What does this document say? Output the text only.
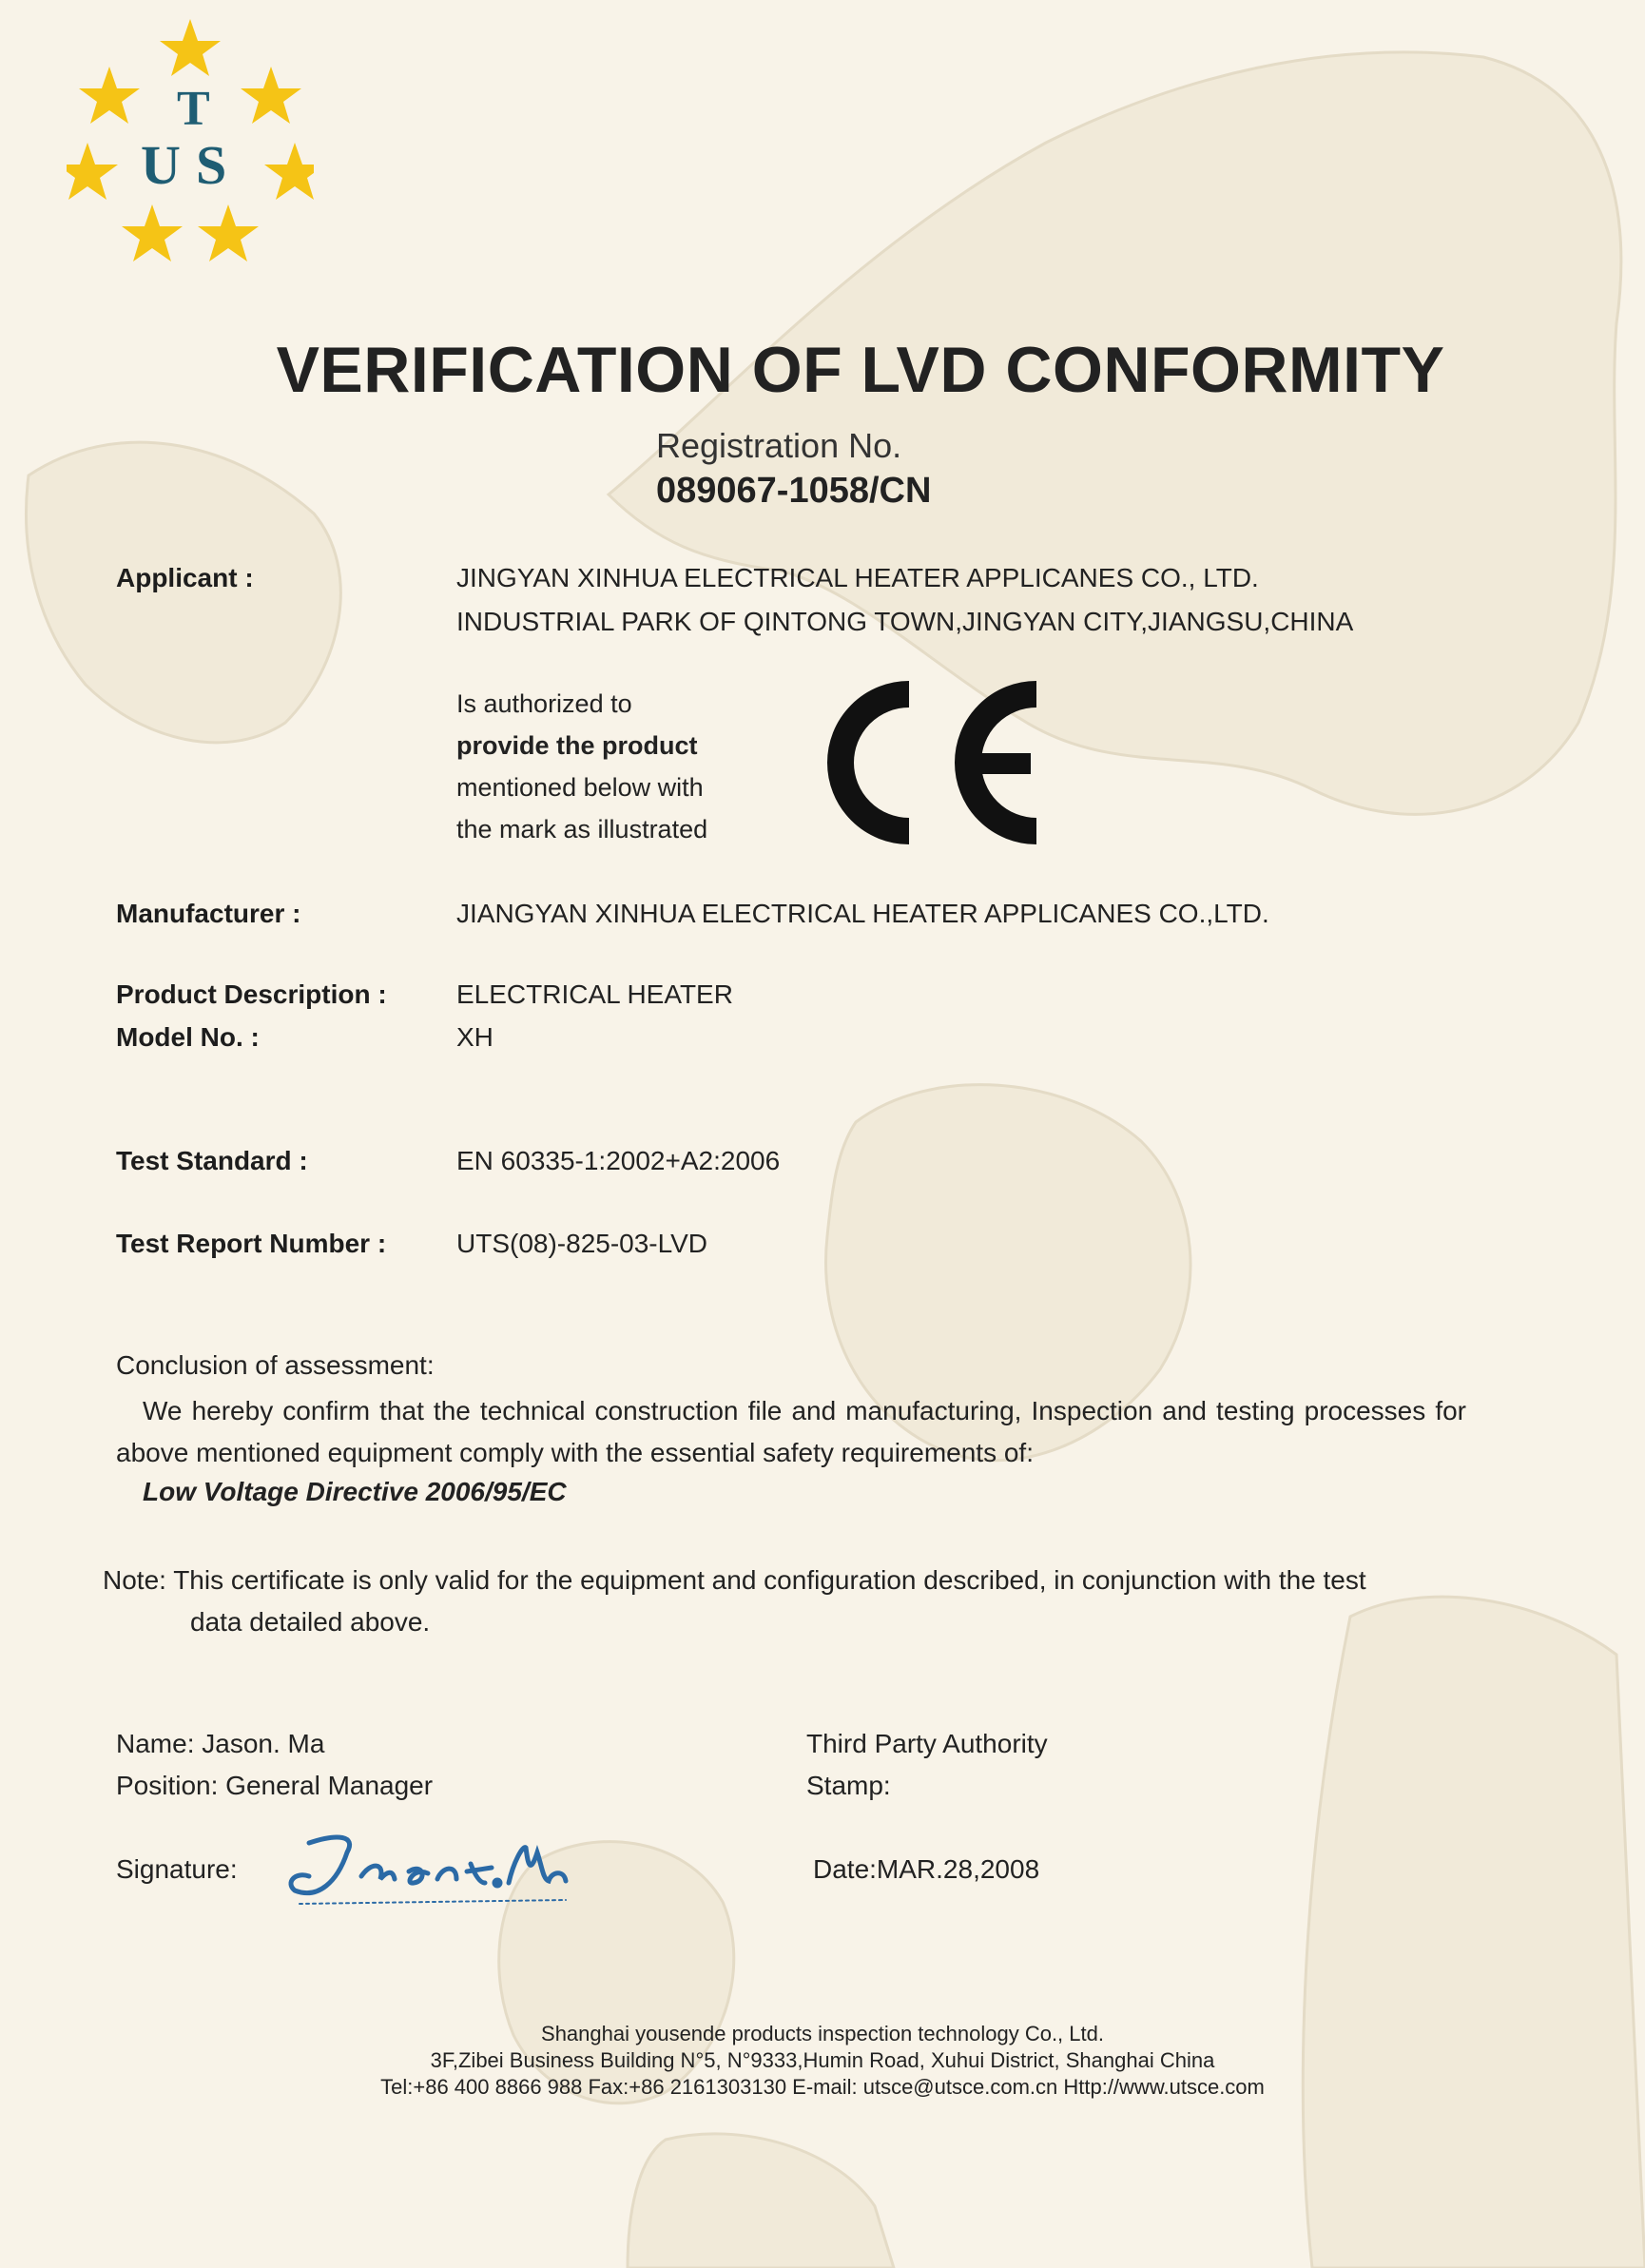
T
U S
VERIFICATION OF LVD CONFORMITY
Registration No.
089067-1058/CN
Applicant :	JINGYAN XINHUA ELECTRICAL HEATER APPLICANES CO., LTD.
INDUSTRIAL PARK OF QINTONG TOWN,JINGYAN CITY,JIANGSU,CHINA
Is authorized to
provide the product
mentioned below with
the mark as illustrated
Manufacturer :	JIANGYAN XINHUA ELECTRICAL HEATER APPLICANES CO.,LTD.
Product Description :	ELECTRICAL HEATER
Model No. :	XH
Test Standard :	EN 60335-1:2002+A2:2006
Test Report Number :	UTS(08)-825-03-LVD
Conclusion of assessment:
We hereby confirm that the technical construction file and manufacturing, Inspection and testing processes for above mentioned equipment comply with the essential safety requirements of:
Low Voltage Directive 2006/95/EC
Note: This certificate is only valid for the equipment and configuration described, in conjunction with the test
data detailed above.
Name: Jason. Ma
Position: General Manager
Signature:
Third Party Authority
Stamp:
Date:MAR.28,2008
Shanghai yousende products inspection technology Co., Ltd.
3F,Zibei Business Building N°5, N°9333,Humin Road, Xuhui District, Shanghai China
Tel:+86 400 8866 988 Fax:+86 2161303130 E-mail: utsce@utsce.com.cn Http://www.utsce.com
